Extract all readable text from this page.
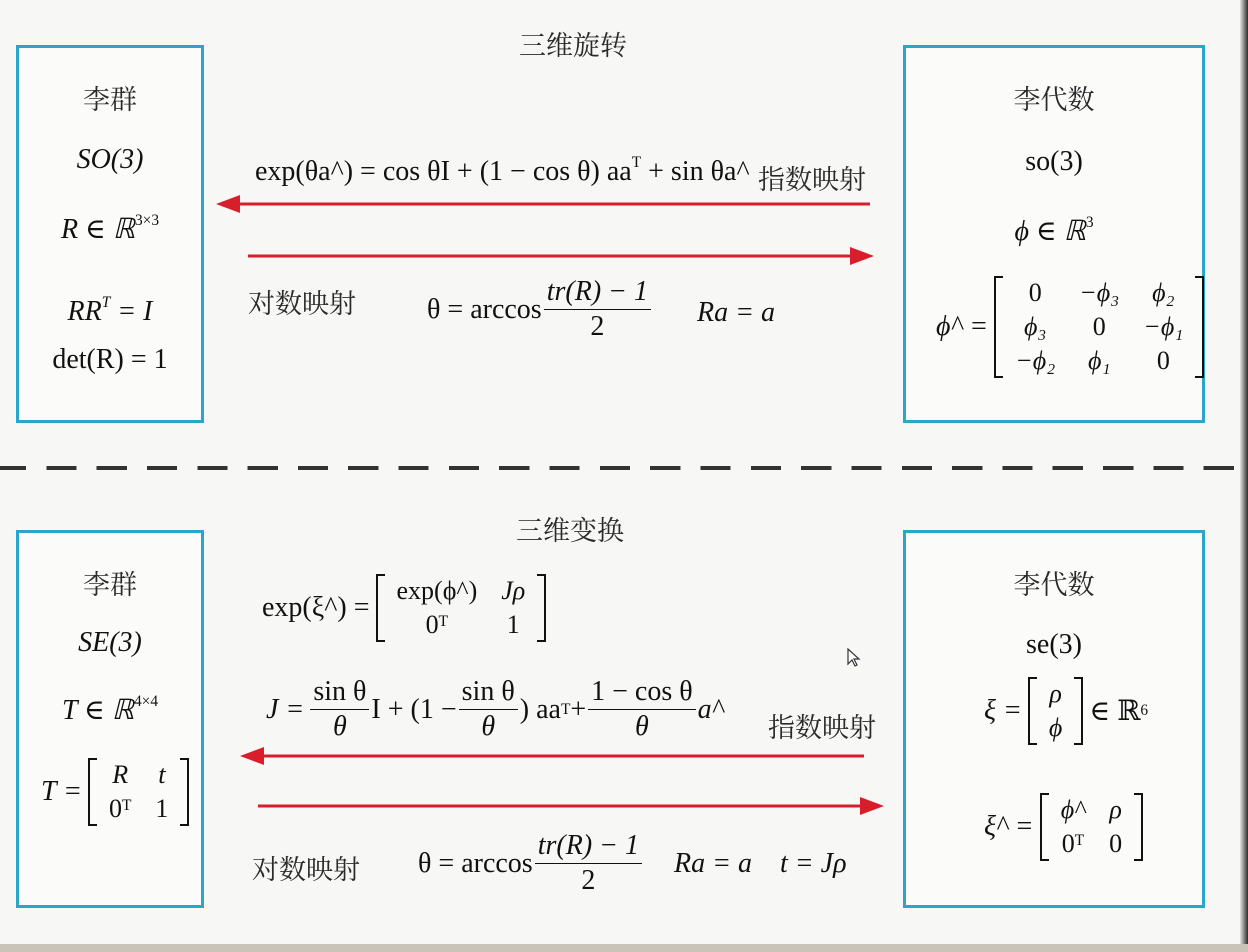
三维旋转
李群
SO(3)
R ∈ ℝ$^{3\times 3}$
$RR^T = I$
det(R) = 1
李代数
so(3)
ϕ ∈ ℝ$^3$
ϕ^ =
0	−ϕ₃	ϕ₂
ϕ₃	0	−ϕ₁
−ϕ₂	ϕ₁	0
exp(θa^) = cos θI + (1 − cos θ) $aa^T + \sin$ θa^ 指数映射
对数映射	$\theta = \arccos \frac{tr(R) - 1}{2}$ Ra = a
三维变换
李群
SE(3)
T ∈ ℝ$^{4\times 4}$
T =
R	t
0ᵀ	1
李代数
se(3)
ξ =
ρ
ϕ
∈ ℝ 6
ξ^ =
ϕ^	ρ
0ᵀ	0
exp(ξ^) =
exp(ϕ^)	Jρ
0ᵀ	1
$J = \frac{\text{sin θ}}{\theta}$ $I + (1 - \frac{\text{sin θ}}{\theta}$ ) aa $T + \frac{\text{1 − cos θ}}{\theta}$ a^
指数映射
对数映射 $\theta = \arccos \frac{tr(R) - 1}{2}$ Ra = a t = Jρ
